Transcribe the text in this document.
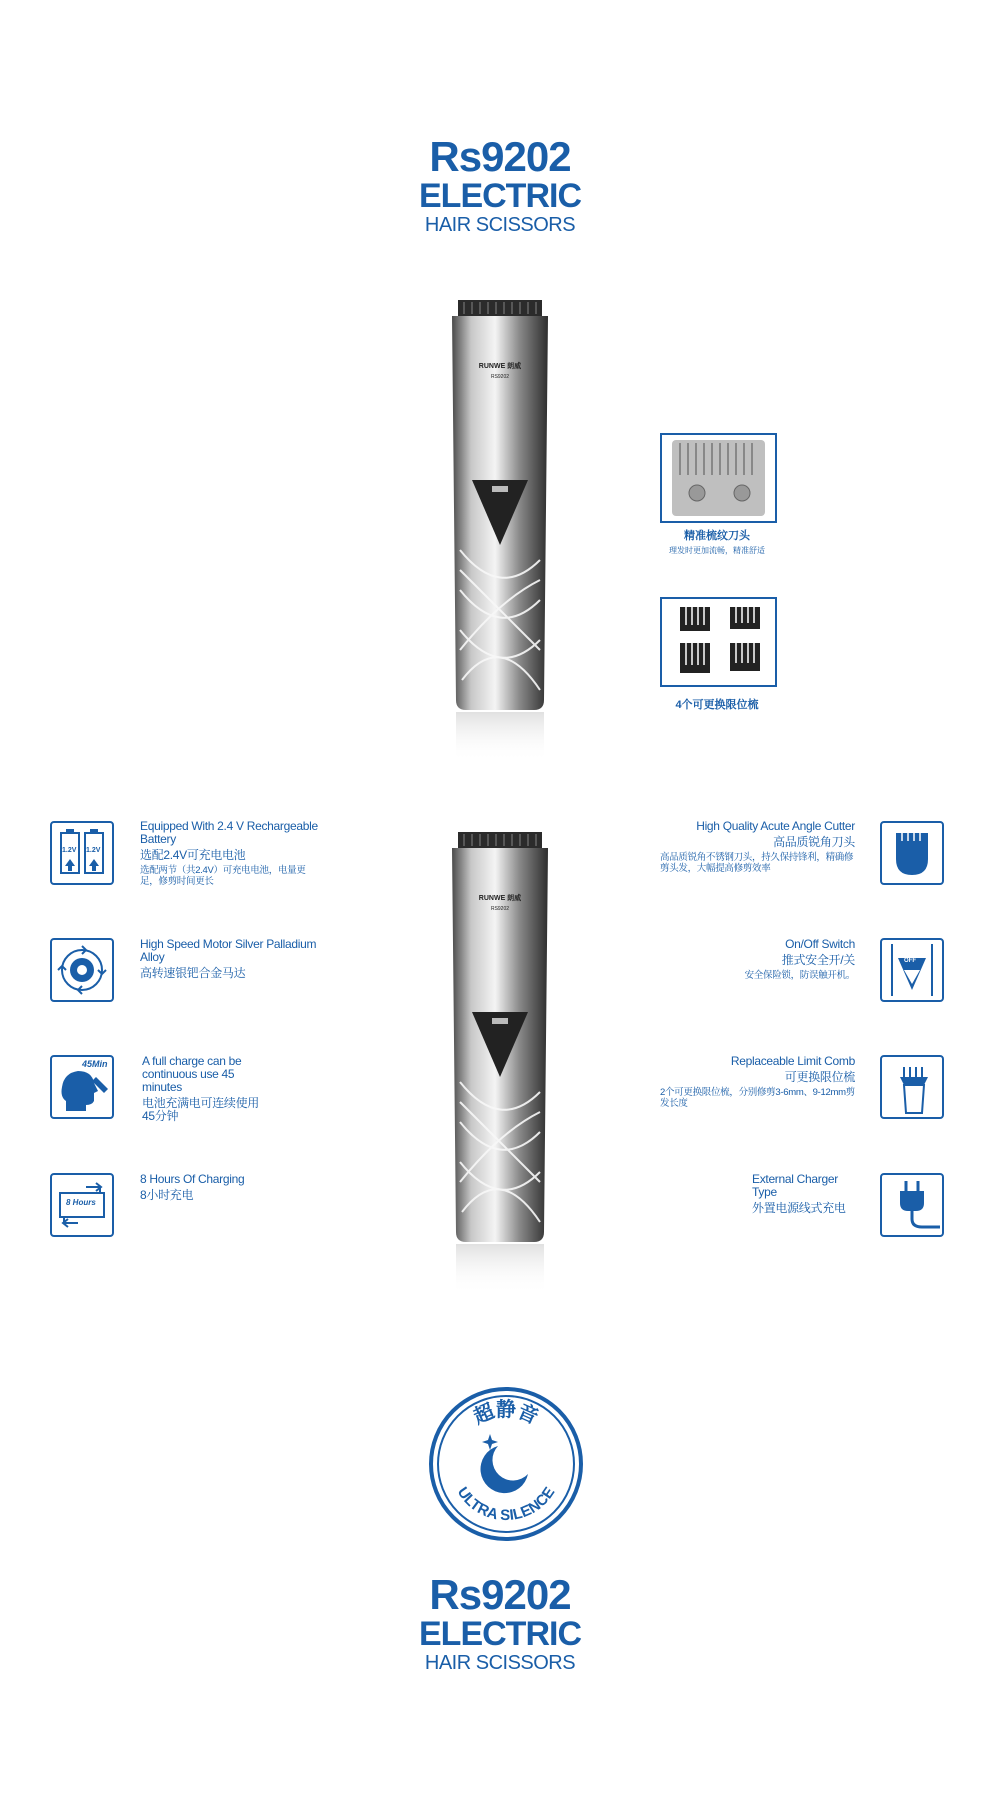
Rs9202
ELECTRIC
HAIR SCISSORS
RUNWE 朗威
RS9202
精准梳纹刀头
理发时更加流畅，精准舒适
4个可更换限位梳
RUNWE 朗威
RS9202
1.2V 1.2V
Equipped With 2.4 V Rechargeable Battery
选配2.4V可充电电池
选配两节（共2.4V）可充电电池，电量更足，修剪时间更长
High Speed Motor Silver Palladium Alloy
高转速银钯合金马达
45Min	A full charge can be continuous use 45 minutes
电池充满电可连续使用45分钟
8 Hours
8 Hours Of Charging
8小时充电
High Quality Acute Angle Cutter
高品质锐角刀头
高品质锐角不锈钢刀头，持久保持锋利，精确修剪头发，大幅提高修剪效率
On/Off Switch
推式安全开/关
安全保险锁，防误触开机。
OFF
Replaceable Limit Comb
可更换限位梳
2个可更换限位梳，分别修剪3-6mm、9-12mm剪发长度
External Charger Type
外置电源线式充电
超静音
ULTRA SILENCE
Rs9202
ELECTRIC
HAIR SCISSORS
